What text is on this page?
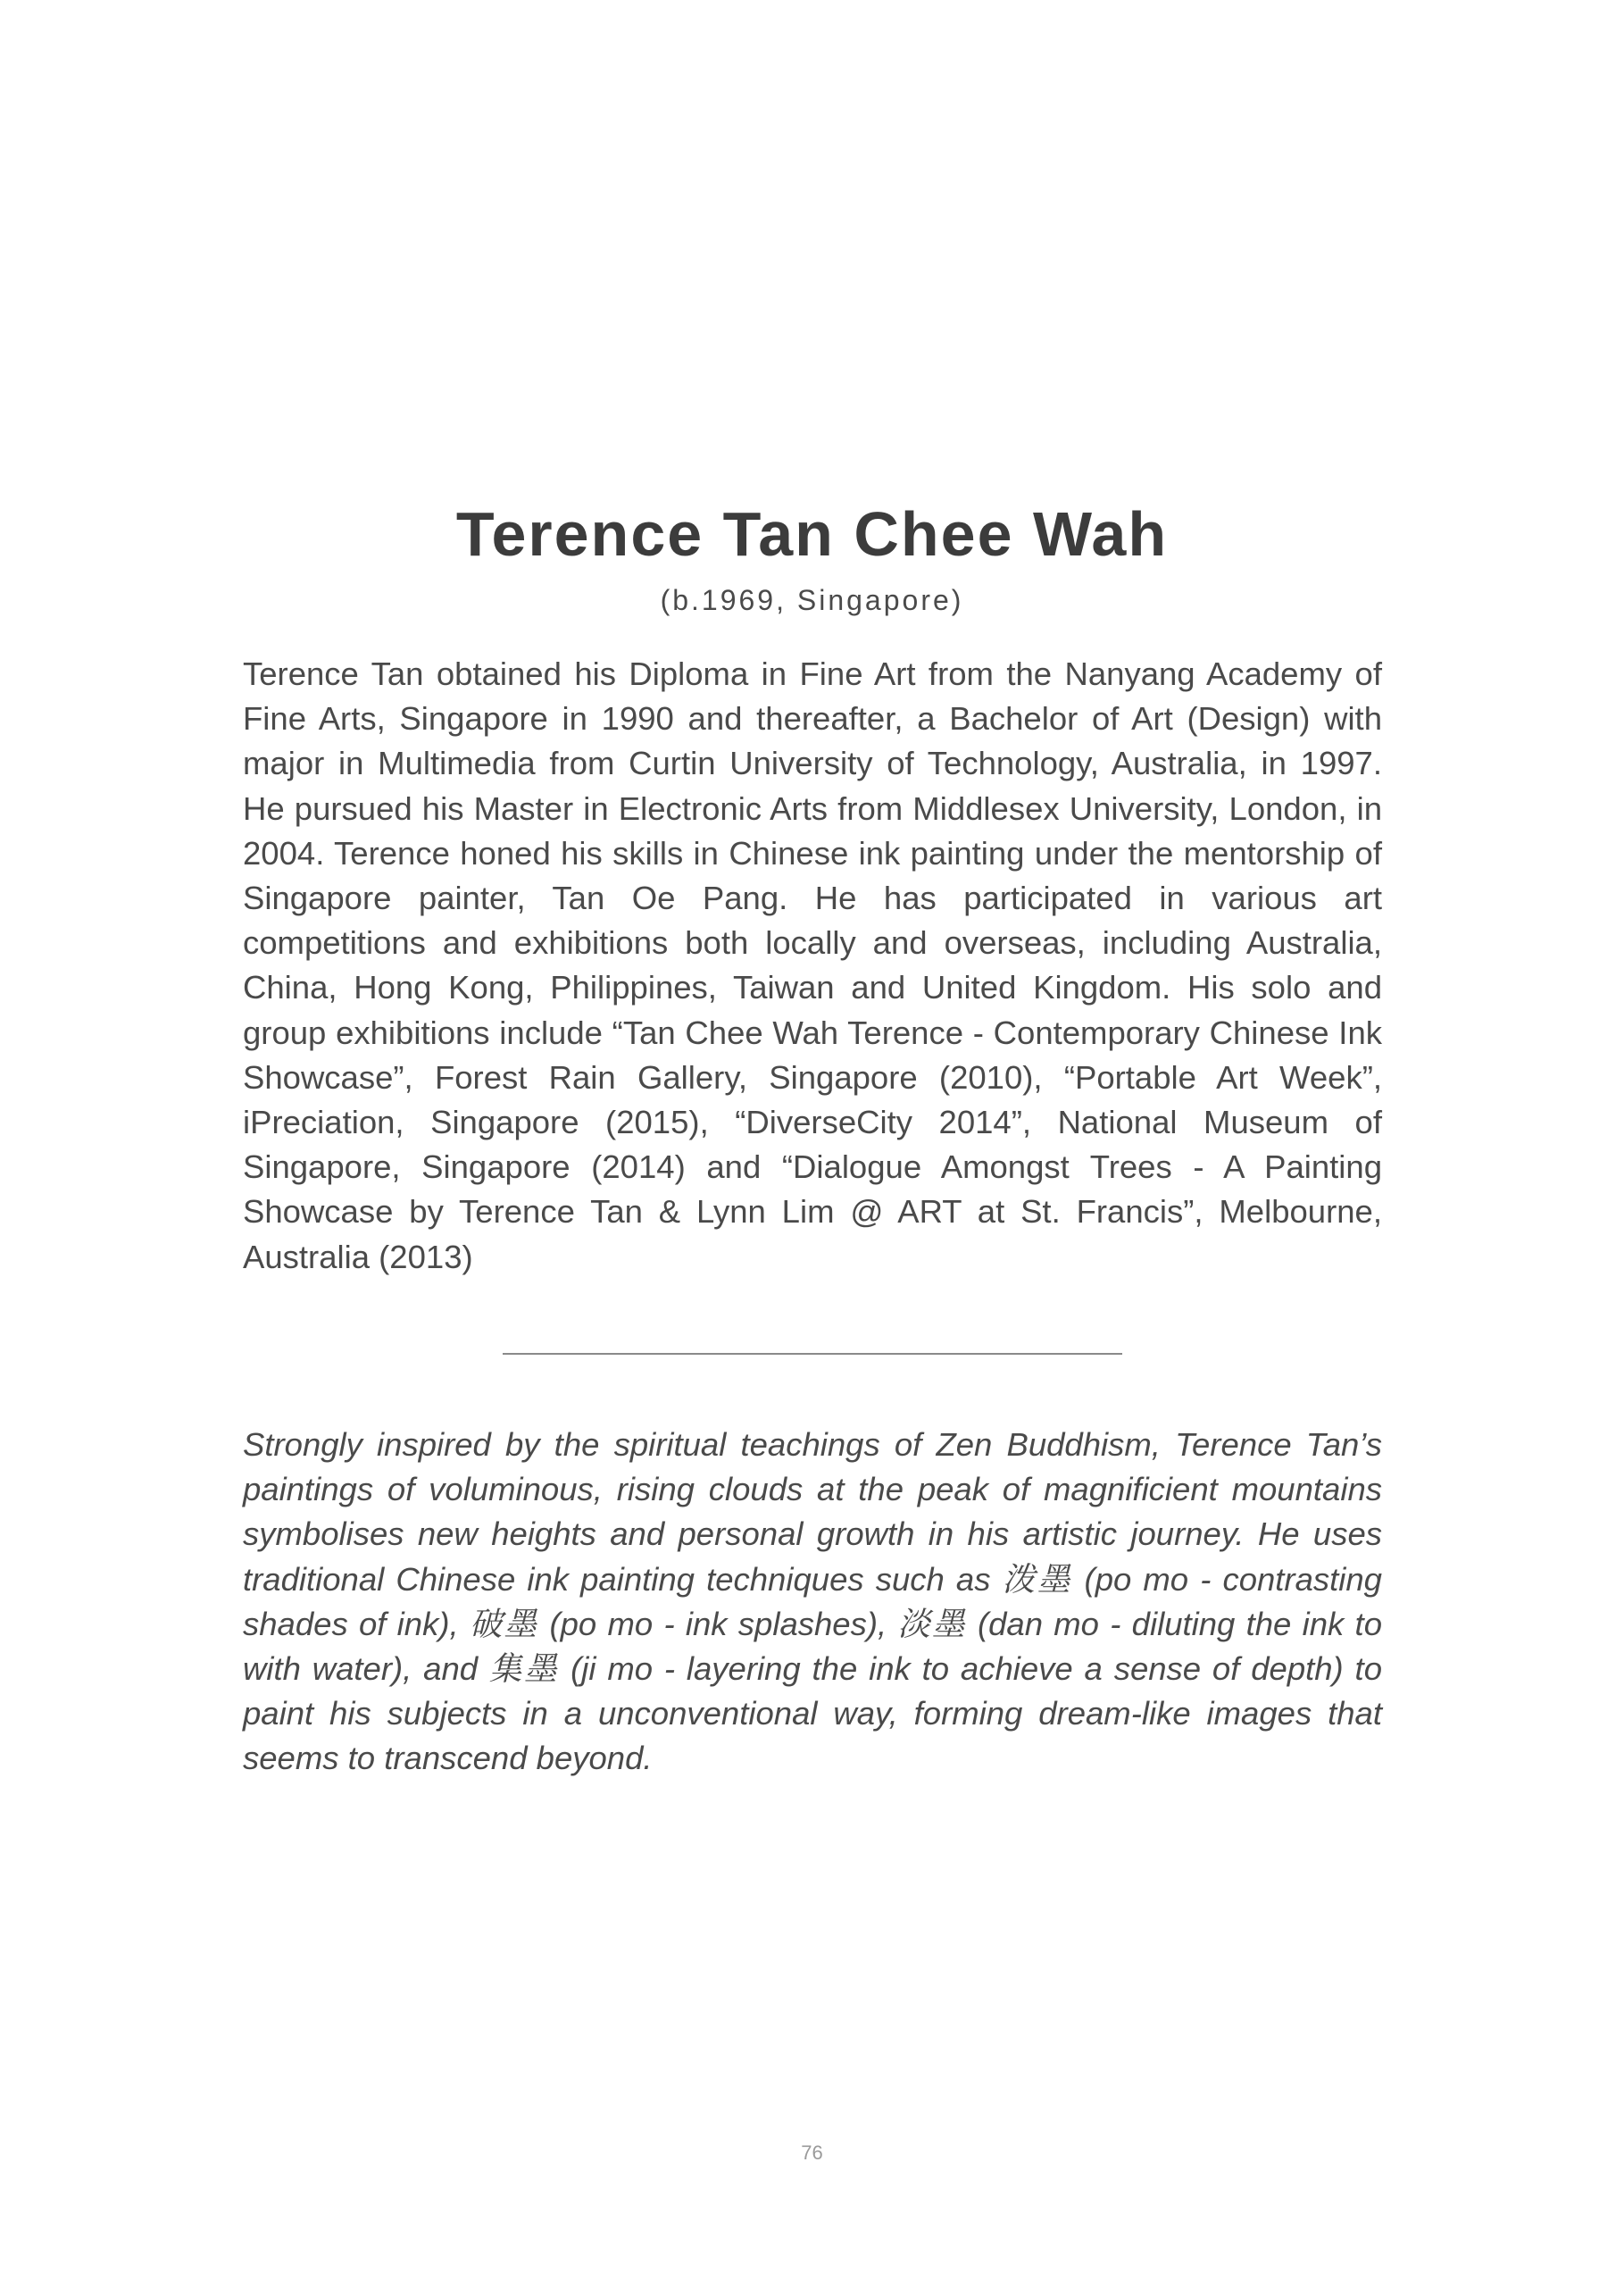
Terence Tan Chee Wah
(b.1969, Singapore)

Terence Tan obtained his Diploma in Fine Art from the Nanyang Academy of Fine Arts, Singapore in 1990 and thereafter, a Bachelor of Art (Design) with major in Multimedia from Curtin University of Technology, Australia, in 1997. He pursued his Master in Electronic Arts from Middlesex University, London, in 2004. Terence honed his skills in Chinese ink painting under the mentorship of Singapore painter, Tan Oe Pang. He has participated in various art competitions and exhibitions both locally and overseas, including Australia, China, Hong Kong, Philippines, Taiwan and United Kingdom. His solo and group exhibitions include “Tan Chee Wah Terence - Contemporary Chinese Ink Showcase”, Forest Rain Gallery, Singapore (2010), “Portable Art Week”, iPreciation, Singapore (2015), “DiverseCity 2014”, National Museum of Singapore, Singapore (2014) and “Dialogue Amongst Trees - A Painting Showcase by Terence Tan & Lynn Lim @ ART at St. Francis”, Melbourne, Australia (2013)

Strongly inspired by the spiritual teachings of Zen Buddhism, Terence Tan’s paintings of voluminous, rising clouds at the peak of magnificient mountains symbolises new heights and personal growth in his artistic journey. He uses traditional Chinese ink painting techniques such as 泼墨 (po mo - contrasting shades of ink), 破墨 (po mo - ink splashes), 淡墨 (dan mo - diluting the ink to with water), and 集墨 (ji mo - layering the ink to achieve a sense of depth) to paint his subjects in a unconventional way, forming dream-like images that seems to transcend beyond.

76
